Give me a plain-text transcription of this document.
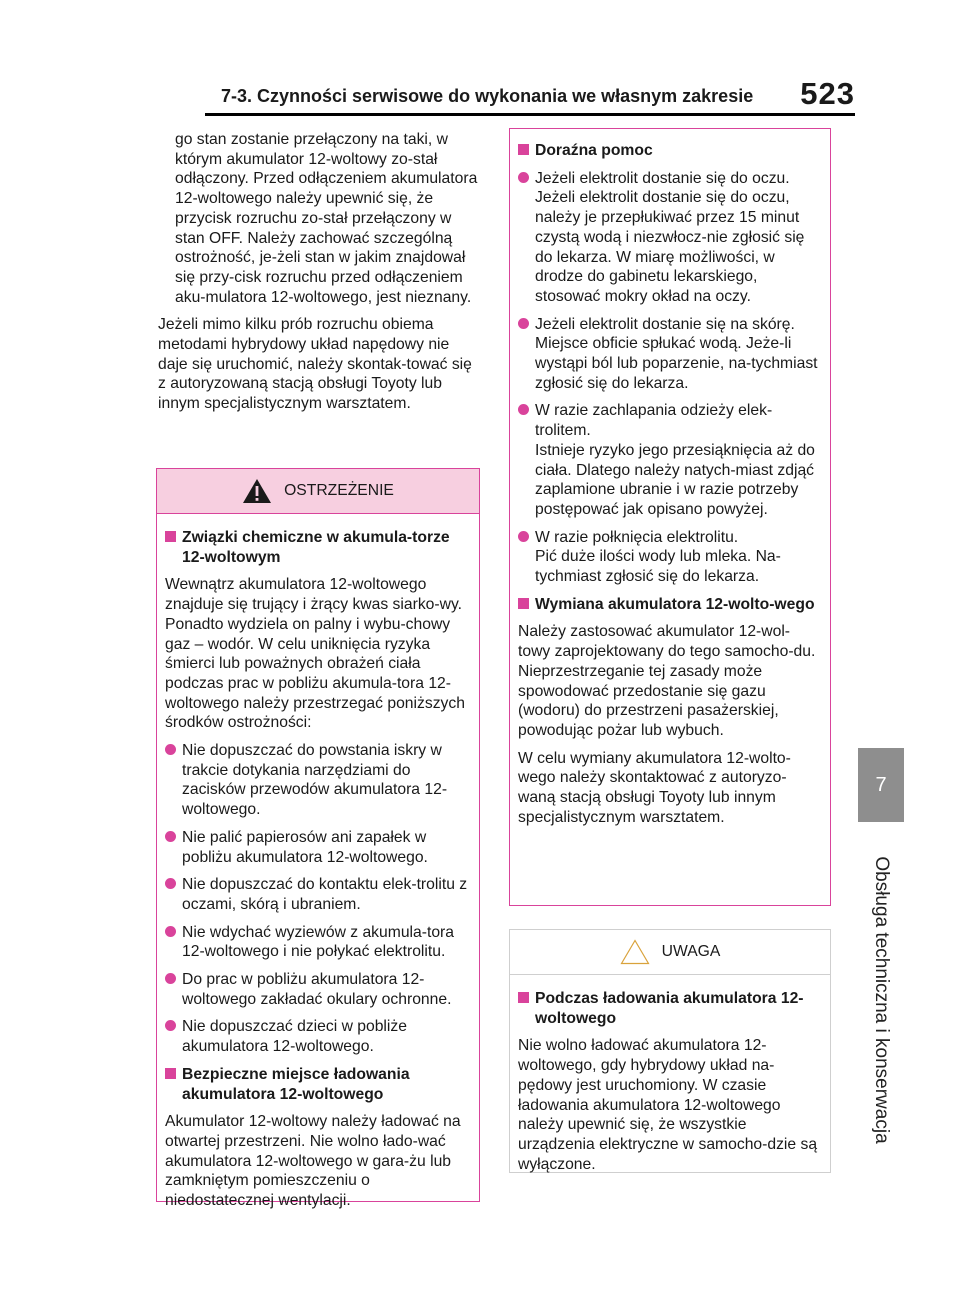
7-3. Czynności serwisowe do wykonania we własnym zakresie 523
7
Obsługa techniczna i konserwacja

go stan zostanie przełączony na taki, w którym akumulator 12-woltowy zo-stał odłączony. Przed odłączeniem akumulatora 12-woltowego należy upewnić się, że przycisk rozruchu zo-stał przełączony w stan OFF. Należy zachować szczególną ostrożność, je-żeli stan w jakim znajdował się przy-cisk rozruchu przed odłączeniem aku-mulatora 12-woltowego, jest nieznany.

Jeżeli mimo kilku prób rozruchu obiema metodami hybrydowy układ napędowy nie daje się uruchomić, należy skontak-tować się z autoryzowaną stacją obsługi Toyoty lub innym specjalistycznym warsztatem.

OSTRZEŻENIE

Związki chemiczne w akumula-torze 12-woltowym

Wewnątrz akumulatora 12-woltowego znajduje się trujący i żrący kwas siarko-wy. Ponadto wydziela on palny i wybu-chowy gaz – wodór. W celu uniknięcia ryzyka śmierci lub poważnych obrażeń ciała podczas prac w pobliżu akumula-tora 12-woltowego należy przestrzegać poniższych środków ostrożności:

Nie dopuszczać do powstania iskry w trakcie dotykania narzędziami do zacisków przewodów akumulatora 12-woltowego.

Nie palić papierosów ani zapałek w pobliżu akumulatora 12-woltowego.

Nie dopuszczać do kontaktu elek-trolitu z oczami, skórą i ubraniem.

Nie wdychać wyziewów z akumula-tora 12-woltowego i nie połykać elektrolitu.

Do prac w pobliżu akumulatora 12-woltowego zakładać okulary ochronne.

Nie dopuszczać dzieci w pobliże akumulatora 12-woltowego.

Bezpieczne miejsce ładowania akumulatora 12-woltowego

Akumulator 12-woltowy należy ładować na otwartej przestrzeni. Nie wolno łado-wać akumulatora 12-woltowego w gara-żu lub zamkniętym pomieszczeniu o niedostatecznej wentylacji.

Doraźna pomoc

Jeżeli elektrolit dostanie się do oczu.
Jeżeli elektrolit dostanie się do oczu, należy je przepłukiwać przez 15 minut czystą wodą i niezwłocz-nie zgłosić się do lekarza. W miarę możliwości, w drodze do gabinetu lekarskiego, stosować mokry okład na oczy.

Jeżeli elektrolit dostanie się na skórę.
Miejsce obficie spłukać wodą. Jeże-li wystąpi ból lub poparzenie, na-tychmiast zgłosić się do lekarza.

W razie zachlapania odzieży elek-trolitem.
Istnieje ryzyko jego przesiąknięcia aż do ciała. Dlatego należy natych-miast zdjąć zaplamione ubranie i w razie potrzeby postępować jak opisano powyżej.

W razie połknięcia elektrolitu.
Pić duże ilości wody lub mleka. Na-tychmiast zgłosić się do lekarza.

Wymiana akumulatora 12-wolto-wego

Należy zastosować akumulator 12-wol-towy zaprojektowany do tego samocho-du. Nieprzestrzeganie tej zasady może spowodować przedostanie się gazu (wodoru) do przestrzeni pasażerskiej, powodując pożar lub wybuch.

W celu wymiany akumulatora 12-wolto-wego należy skontaktować z autoryzo-waną stacją obsługi Toyoty lub innym specjalistycznym warsztatem.

UWAGA

Podczas ładowania akumulatora 12-woltowego

Nie wolno ładować akumulatora 12-woltowego, gdy hybrydowy układ na-pędowy jest uruchomiony. W czasie ładowania akumulatora 12-woltowego należy upewnić się, że wszystkie urządzenia elektryczne w samocho-dzie są wyłączone.
